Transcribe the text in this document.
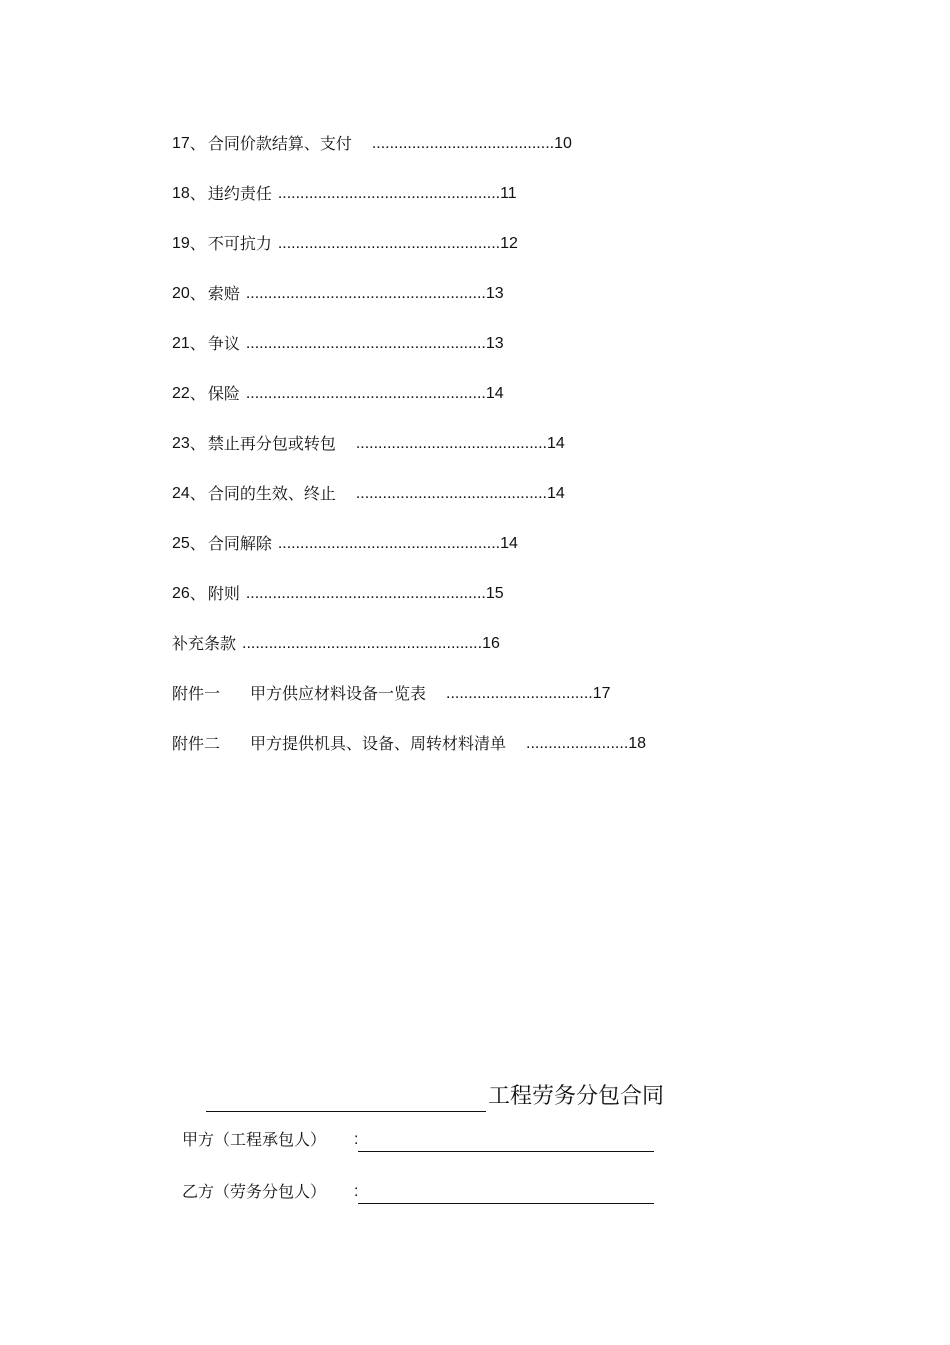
17 、 合同价款结算、支付 ......................................... 10
18 、 违约责任 .................................................. 11
19 、 不可抗力 .................................................. 12
20 、 索赔 ...................................................... 13
21 、 争议 ...................................................... 13
22 、 保险 ...................................................... 14
23 、 禁止再分包或转包 ........................................... 14
24 、 合同的生效、终止 ........................................... 14
25 、 合同解除 .................................................. 14
26 、 附则 ...................................................... 15
补充条款 ...................................................... 16
附件一	甲方供应材料设备一览表 ................................. 17
附件二	甲方提供机具、设备、周转材料清单 ....................... 18
工程劳务分包合同
甲方（工程承包人）	:
乙方（劳务分包人）	:
